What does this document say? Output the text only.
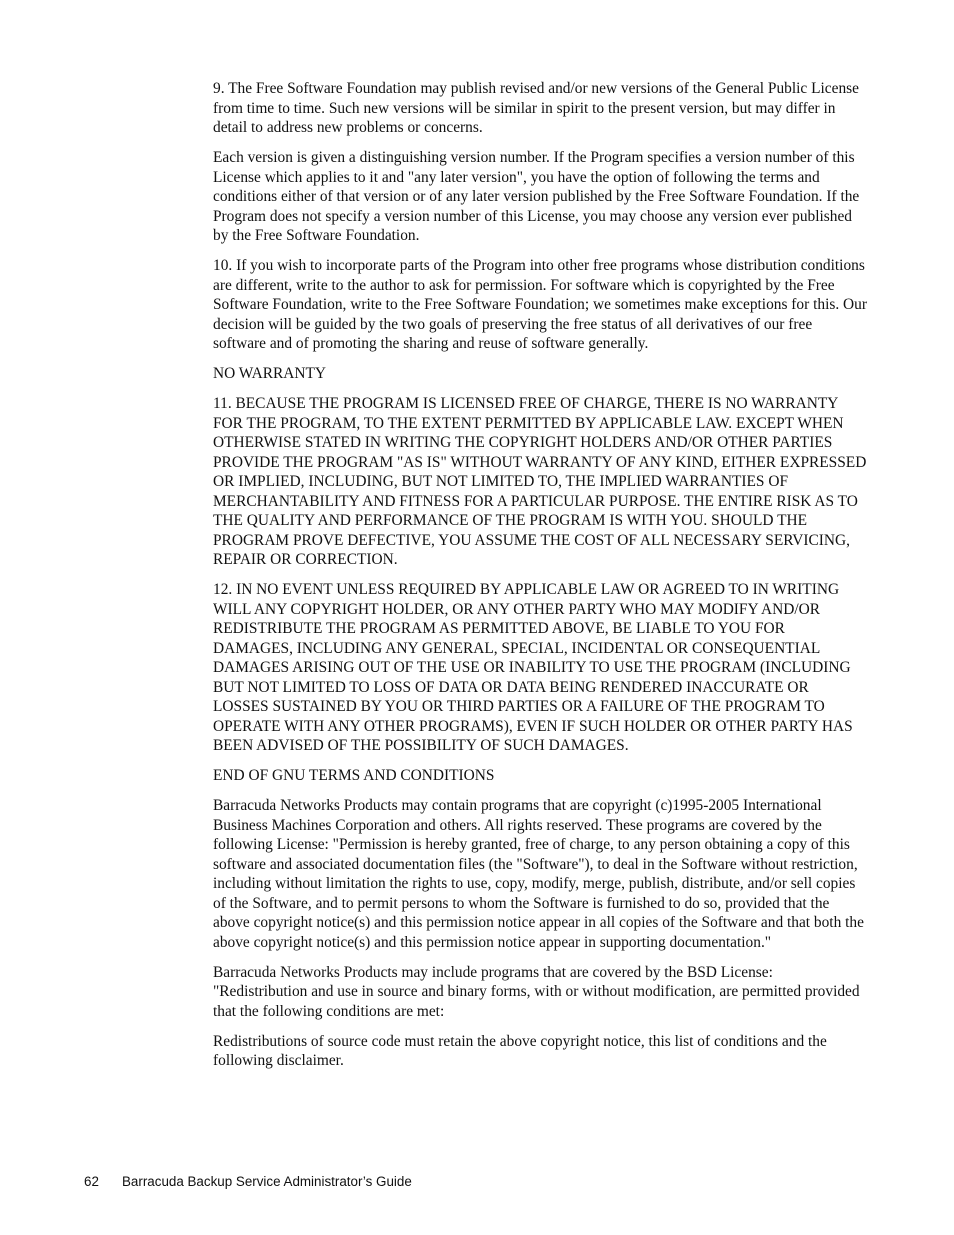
9. The Free Software Foundation may publish revised and/or new versions of the General Public License from time to time. Such new versions will be similar in spirit to the present version, but may differ in detail to address new problems or concerns.

Each version is given a distinguishing version number. If the Program specifies a version number of this License which applies to it and "any later version", you have the option of following the terms and conditions either of that version or of any later version published by the Free Software Foundation. If the Program does not specify a version number of this License, you may choose any version ever published by the Free Software Foundation.

10. If you wish to incorporate parts of the Program into other free programs whose distribution conditions are different, write to the author to ask for permission. For software which is copyrighted by the Free Software Foundation, write to the Free Software Foundation; we sometimes make exceptions for this. Our decision will be guided by the two goals of preserving the free status of all derivatives of our free software and of promoting the sharing and reuse of software generally.

NO WARRANTY

11. BECAUSE THE PROGRAM IS LICENSED FREE OF CHARGE, THERE IS NO WARRANTY FOR THE PROGRAM, TO THE EXTENT PERMITTED BY APPLICABLE LAW. EXCEPT WHEN OTHERWISE STATED IN WRITING THE COPYRIGHT HOLDERS AND/OR OTHER PARTIES PROVIDE THE PROGRAM "AS IS" WITHOUT WARRANTY OF ANY KIND, EITHER EXPRESSED OR IMPLIED, INCLUDING, BUT NOT LIMITED TO, THE IMPLIED WARRANTIES OF MERCHANTABILITY AND FITNESS FOR A PARTICULAR PURPOSE. THE ENTIRE RISK AS TO THE QUALITY AND PERFORMANCE OF THE PROGRAM IS WITH YOU. SHOULD THE PROGRAM PROVE DEFECTIVE, YOU ASSUME THE COST OF ALL NECESSARY SERVICING, REPAIR OR CORRECTION.

12. IN NO EVENT UNLESS REQUIRED BY APPLICABLE LAW OR AGREED TO IN WRITING WILL ANY COPYRIGHT HOLDER, OR ANY OTHER PARTY WHO MAY MODIFY AND/OR REDISTRIBUTE THE PROGRAM AS PERMITTED ABOVE, BE LIABLE TO YOU FOR DAMAGES, INCLUDING ANY GENERAL, SPECIAL, INCIDENTAL OR CONSEQUENTIAL DAMAGES ARISING OUT OF THE USE OR INABILITY TO USE THE PROGRAM (INCLUDING BUT NOT LIMITED TO LOSS OF DATA OR DATA BEING RENDERED INACCURATE OR LOSSES SUSTAINED BY YOU OR THIRD PARTIES OR A FAILURE OF THE PROGRAM TO OPERATE WITH ANY OTHER PROGRAMS), EVEN IF SUCH HOLDER OR OTHER PARTY HAS BEEN ADVISED OF THE POSSIBILITY OF SUCH DAMAGES.

END OF GNU TERMS AND CONDITIONS

Barracuda Networks Products may contain programs that are copyright (c)1995-2005 International Business Machines Corporation and others. All rights reserved. These programs are covered by the following License: "Permission is hereby granted, free of charge, to any person obtaining a copy of this software and associated documentation files (the "Software"), to deal in the Software without restriction, including without limitation the rights to use, copy, modify, merge, publish, distribute, and/or sell copies of the Software, and to permit persons to whom the Software is furnished to do so, provided that the above copyright notice(s) and this permission notice appear in all copies of the Software and that both the above copyright notice(s) and this permission notice appear in supporting documentation."

Barracuda Networks Products may include programs that are covered by the BSD License: "Redistribution and use in source and binary forms, with or without modification, are permitted provided that the following conditions are met:

Redistributions of source code must retain the above copyright notice, this list of conditions and the following disclaimer.

62 Barracuda Backup Service Administrator’s Guide
